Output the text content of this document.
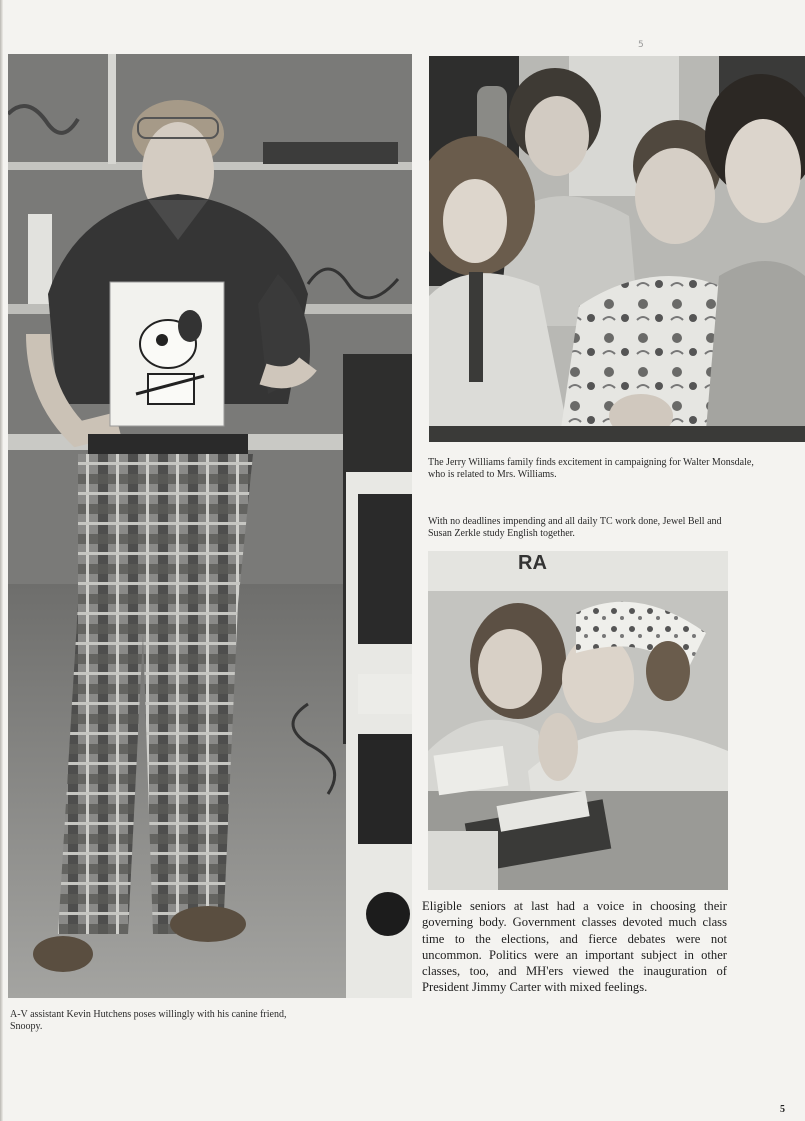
5

The Jerry Williams family finds excitement in campaigning for Walter Monsdale, who is related to Mrs. Williams.

With no deadlines impending and all daily TC work done, Jewel Bell and Susan Zerkle study English together.

RA

Eligible seniors at last had a voice in choosing their governing body. Government classes devoted much class time to the elections, and fierce debates were not uncommon. Politics were an important subject in other classes, too, and MH'ers viewed the inauguration of President Jimmy Carter with mixed feelings.

A-V assistant Kevin Hutchens poses willingly with his canine friend, Snoopy.

5
